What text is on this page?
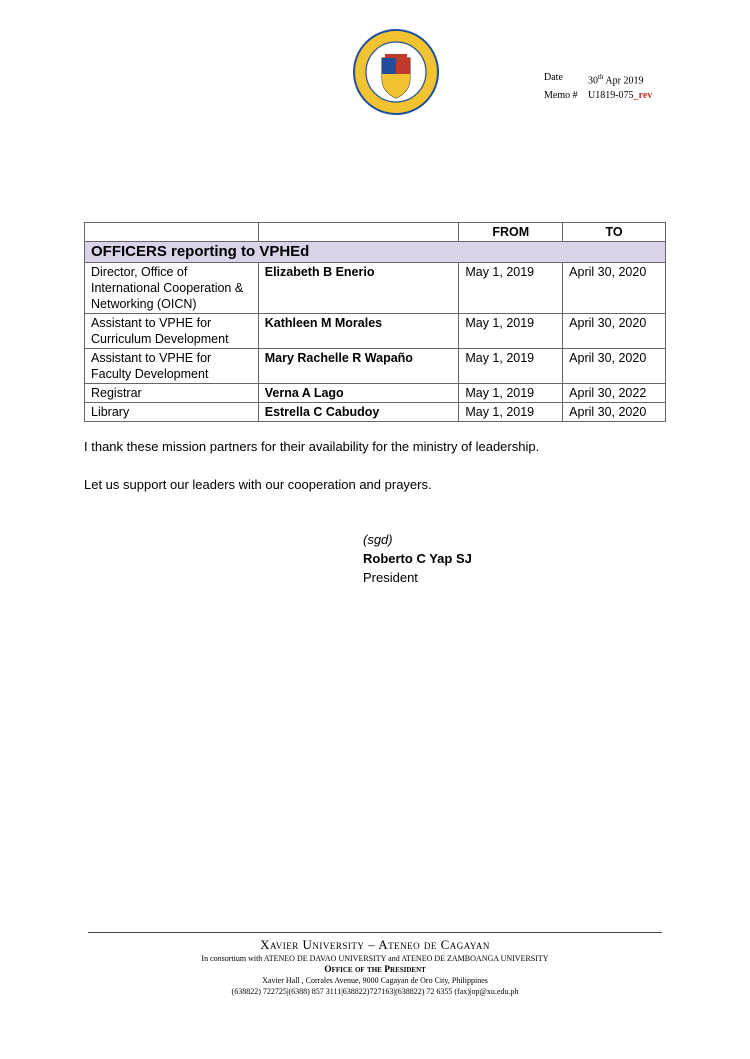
Date	30th Apr 2019
Memo #	U1819-075_rev
		FROM	TO
OFFICERS reporting to VPHEd			
Director, Office of International Cooperation & Networking (OICN)	Elizabeth B Enerio	May 1, 2019	April 30, 2020
Assistant to VPHE for Curriculum Development	Kathleen M Morales	May 1, 2019	April 30, 2020
Assistant to VPHE for Faculty Development	Mary Rachelle R Wapaño	May 1, 2019	April 30, 2020
Registrar	Verna A Lago	May 1, 2019	April 30, 2022
Library	Estrella C Cabudoy	May 1, 2019	April 30, 2020
I thank these mission partners for their availability for the ministry of leadership.
Let us support our leaders with our cooperation and prayers.
(sgd)
Roberto C Yap SJ
President
Xavier University – Ateneo de Cagayan
In consortium with ATENEO DE DAVAO UNIVERSITY and ATENEO DE ZAMBOANGA UNIVERSITY
Office of the President
Xavier Hall , Corrales Avenue, 9000 Cagayan de Oro City, Philippines
(638822) 722725|(6388) 857 3111|638822)727163|(638822) 72 6355 (fax)|op@xu.edu.ph
